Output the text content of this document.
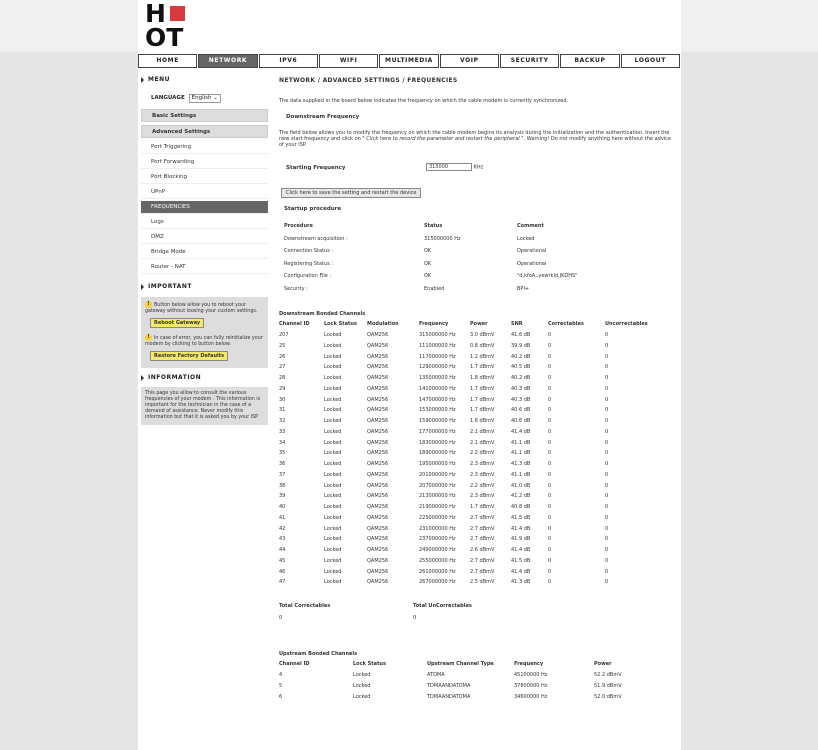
H
OT
HOME	NETWORK	IPV6	WIFI	MULTIMEDIA	VOIP	SECURITY	BACKUP	LOGOUT
MENU
LANGUAGE English ⌄
Basic Settings
Advanced Settings
Port Triggering
Port Forwarding
Port Blocking
UPnP
FREQUENCIES
Logs
DMZ
Bridge Mode
Router - NAT
IMPORTANT
! Button below allow you to reboot your gateway without loosing your custom settings.
Reboot Gateway
! In case of error, you can fully reinitialize your modem by clicking to button below.
Restore Factory Defaults
INFORMATION
This page you allow to consult the various frequencies of your modem . This information is important for the technician in the case of a demand of assistance. Never modify this information but that it is asked you by your ISP
NETWORK / ADVANCED SETTINGS / FREQUENCIES
The data supplied in the board below indicates the frequency on which the cable modem is currently synchronized.
Downstream Frequency
The field below allows you to modify the frequency on which the cable modem begins its analysis during the initialization and the authentication. Insert the new start frequency and click on " Click here to record the parameter and restart the peripheral ". Warning! Do not modify anything here without the advice of your ISP.
Starting Frequency	315000	KHz
Click here to save the setting and restart the device
Startup procedure
Procedure	Status	Comment
Downstream acquisition :	315000000 Hz	Locked
Connection Status :	OK	Operational
Registering Status :	OK	Operational
Configuration File :	OK	"d,kfoA,,yewrkld.JKDHS"
Security :	Enabled	BPI+
Downstream Bonded Channels
Channel ID	Lock Status	Modulation	Frequency	Power	SNR	Correctables	Uncorrectables
207	Locked	QAM256	315000000 Hz	3.0 dBmV	41.6 dB	0	0
25	Locked	QAM256	111000000 Hz	0.8 dBmV	39.9 dB	0	0
26	Locked	QAM256	117000000 Hz	1.2 dBmV	40.2 dB	0	0
27	Locked	QAM256	129000000 Hz	1.7 dBmV	40.5 dB	0	0
28	Locked	QAM256	135000000 Hz	1.8 dBmV	40.2 dB	0	0
29	Locked	QAM256	141000000 Hz	1.7 dBmV	40.3 dB	0	0
30	Locked	QAM256	147000000 Hz	1.7 dBmV	40.3 dB	0	0
31	Locked	QAM256	153000000 Hz	1.7 dBmV	40.6 dB	0	0
32	Locked	QAM256	159000000 Hz	1.6 dBmV	40.6 dB	0	0
33	Locked	QAM256	177000000 Hz	2.1 dBmV	41.4 dB	0	0
34	Locked	QAM256	183000000 Hz	2.1 dBmV	41.1 dB	0	0
35	Locked	QAM256	189000000 Hz	2.2 dBmV	41.1 dB	0	0
36	Locked	QAM256	195000000 Hz	2.3 dBmV	41.3 dB	0	0
37	Locked	QAM256	201000000 Hz	2.3 dBmV	41.1 dB	0	0
38	Locked	QAM256	207000000 Hz	2.2 dBmV	41.0 dB	0	0
39	Locked	QAM256	213000000 Hz	2.3 dBmV	41.2 dB	0	0
40	Locked	QAM256	219000000 Hz	1.7 dBmV	40.8 dB	0	0
41	Locked	QAM256	225000000 Hz	2.7 dBmV	41.5 dB	0	0
42	Locked	QAM256	231000000 Hz	2.7 dBmV	41.4 dB	0	0
43	Locked	QAM256	237000000 Hz	2.7 dBmV	41.9 dB	0	0
44	Locked	QAM256	249000000 Hz	2.6 dBmV	41.4 dB	0	0
45	Locked	QAM256	255000000 Hz	2.7 dBmV	41.5 dB	0	0
46	Locked	QAM256	261000000 Hz	2.7 dBmV	41.4 dB	0	0
47	Locked	QAM256	267000000 Hz	2.5 dBmV	41.3 dB	0	0
Total Correctables
0
Total UnCorrectables
0
Upstream Bonded Channels
Channel ID	Lock Status	Upstream Channel Type	Frequency	Power
4	Locked	ATDMA	45100000 Hz	52.2 dBmV
5	Locked	TDMAANDATDMA	37800000 Hz	51.9 dBmV
6	Locked	TDMAANDATDMA	34600000 Hz	52.0 dBmV
